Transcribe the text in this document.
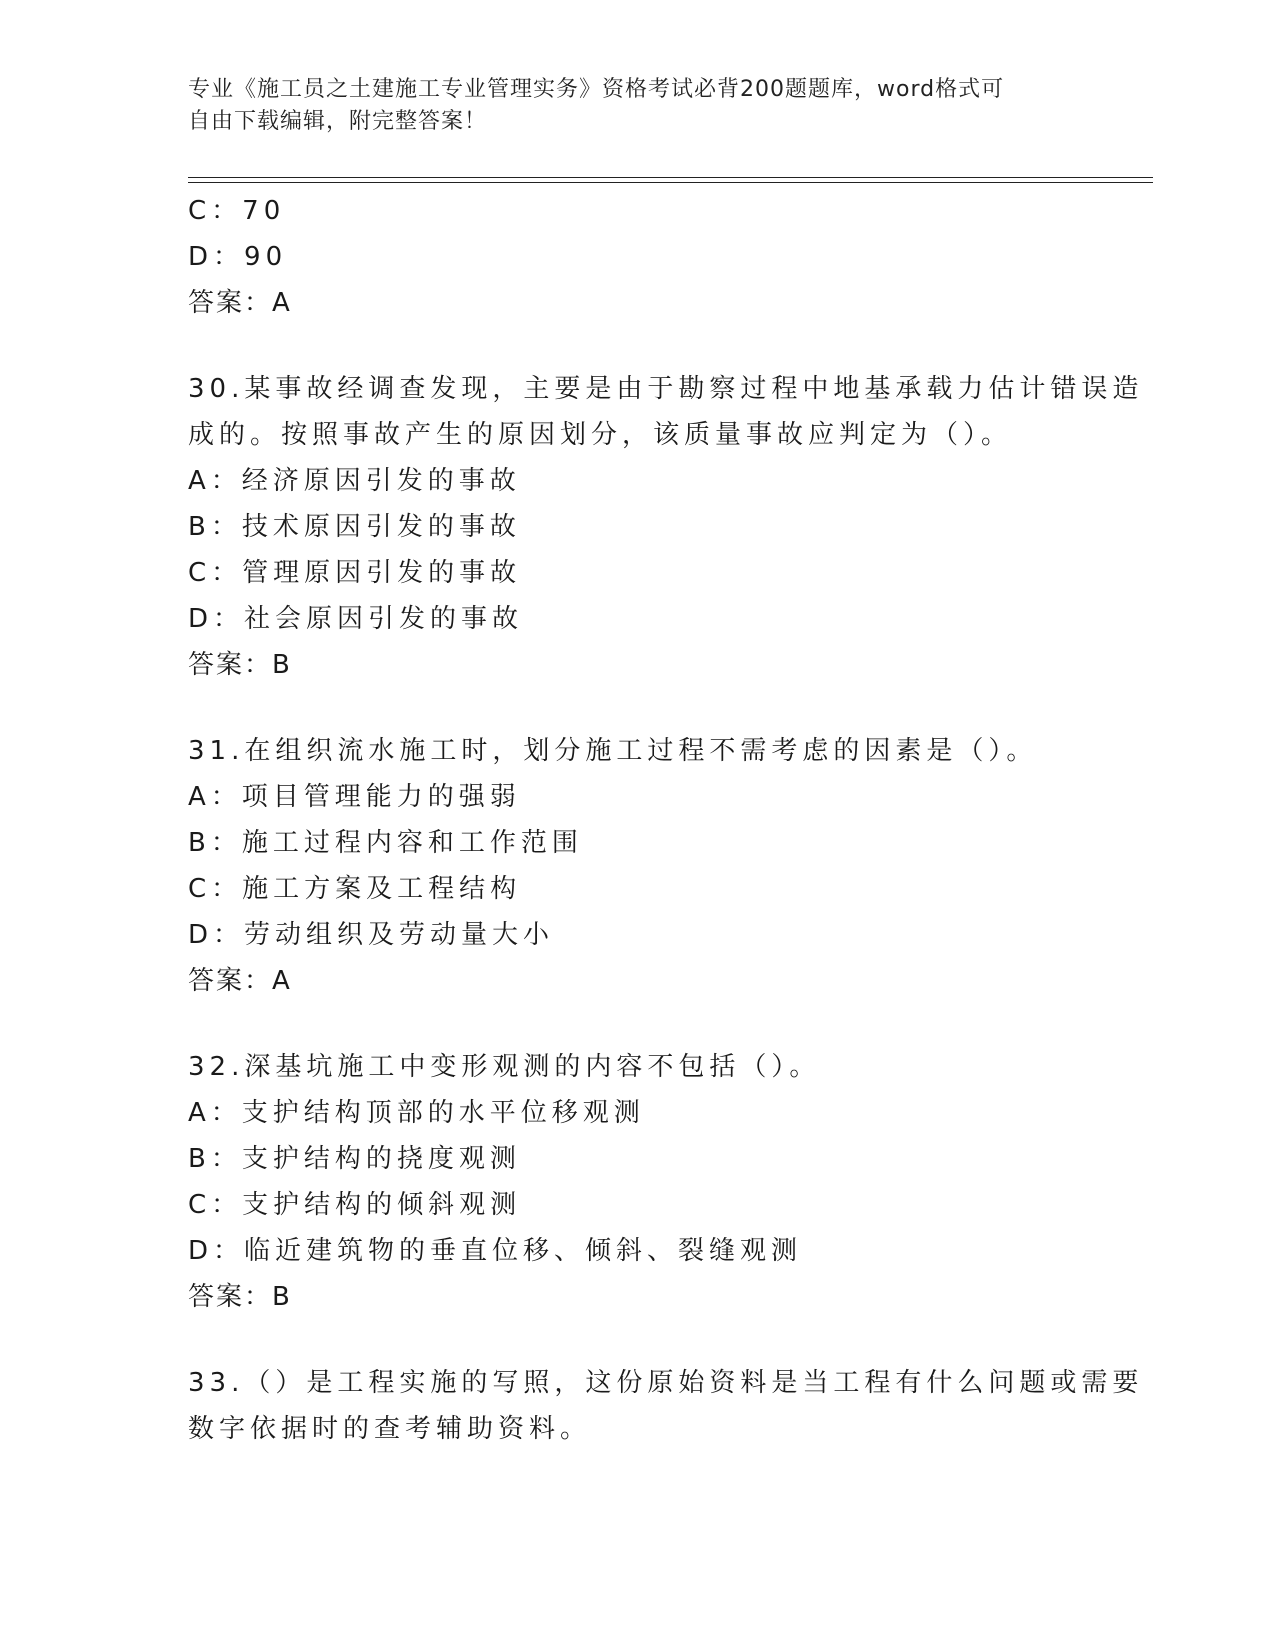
专业《施工员之土建施工专业管理实务》资格考试必背200题题库，word格式可
自由下载编辑，附完整答案！
C：70
D：90
答案：A
30.某事故经调查发现，主要是由于勘察过程中地基承载力估计错误造
成的。按照事故产生的原因划分，该质量事故应判定为（）。
A：经济原因引发的事故
B：技术原因引发的事故
C：管理原因引发的事故
D：社会原因引发的事故
答案：B
31.在组织流水施工时，划分施工过程不需考虑的因素是（）。
A：项目管理能力的强弱
B：施工过程内容和工作范围
C：施工方案及工程结构
D：劳动组织及劳动量大小
答案：A
32.深基坑施工中变形观测的内容不包括（）。
A：支护结构顶部的水平位移观测
B：支护结构的挠度观测
C：支护结构的倾斜观测
D：临近建筑物的垂直位移、倾斜、裂缝观测
答案：B
33.（）是工程实施的写照，这份原始资料是当工程有什么问题或需要
数字依据时的查考辅助资料。
